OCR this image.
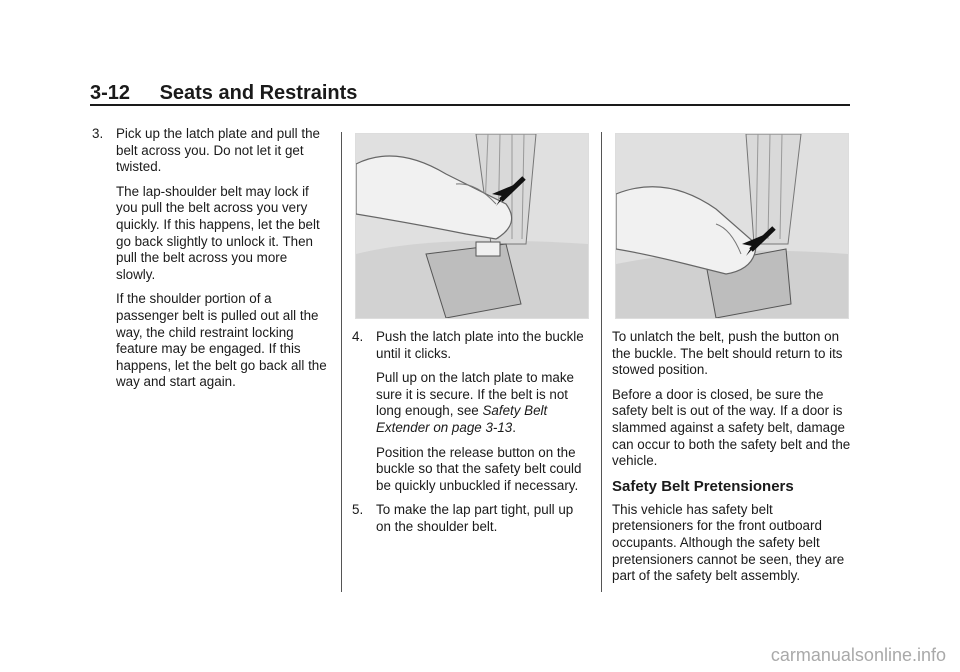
3-12 Seats and Restraints
3. Pick up the latch plate and pull the belt across you. Do not let it get twisted.

The lap-shoulder belt may lock if you pull the belt across you very quickly. If this happens, let the belt go back slightly to unlock it. Then pull the belt across you more slowly.

If the shoulder portion of a passenger belt is pulled out all the way, the child restraint locking feature may be engaged. If this happens, let the belt go back all the way and start again.

4. Push the latch plate into the buckle until it clicks.

Pull up on the latch plate to make sure it is secure. If the belt is not long enough, see Safety Belt Extender on page 3-13.

Position the release button on the buckle so that the safety belt could be quickly unbuckled if necessary.

5. To make the lap part tight, pull up on the shoulder belt.

To unlatch the belt, push the button on the buckle. The belt should return to its stowed position.

Before a door is closed, be sure the safety belt is out of the way. If a door is slammed against a safety belt, damage can occur to both the safety belt and the vehicle.

Safety Belt Pretensioners

This vehicle has safety belt pretensioners for the front outboard occupants. Although the safety belt pretensioners cannot be seen, they are part of the safety belt assembly.

carmanualsonline.info
